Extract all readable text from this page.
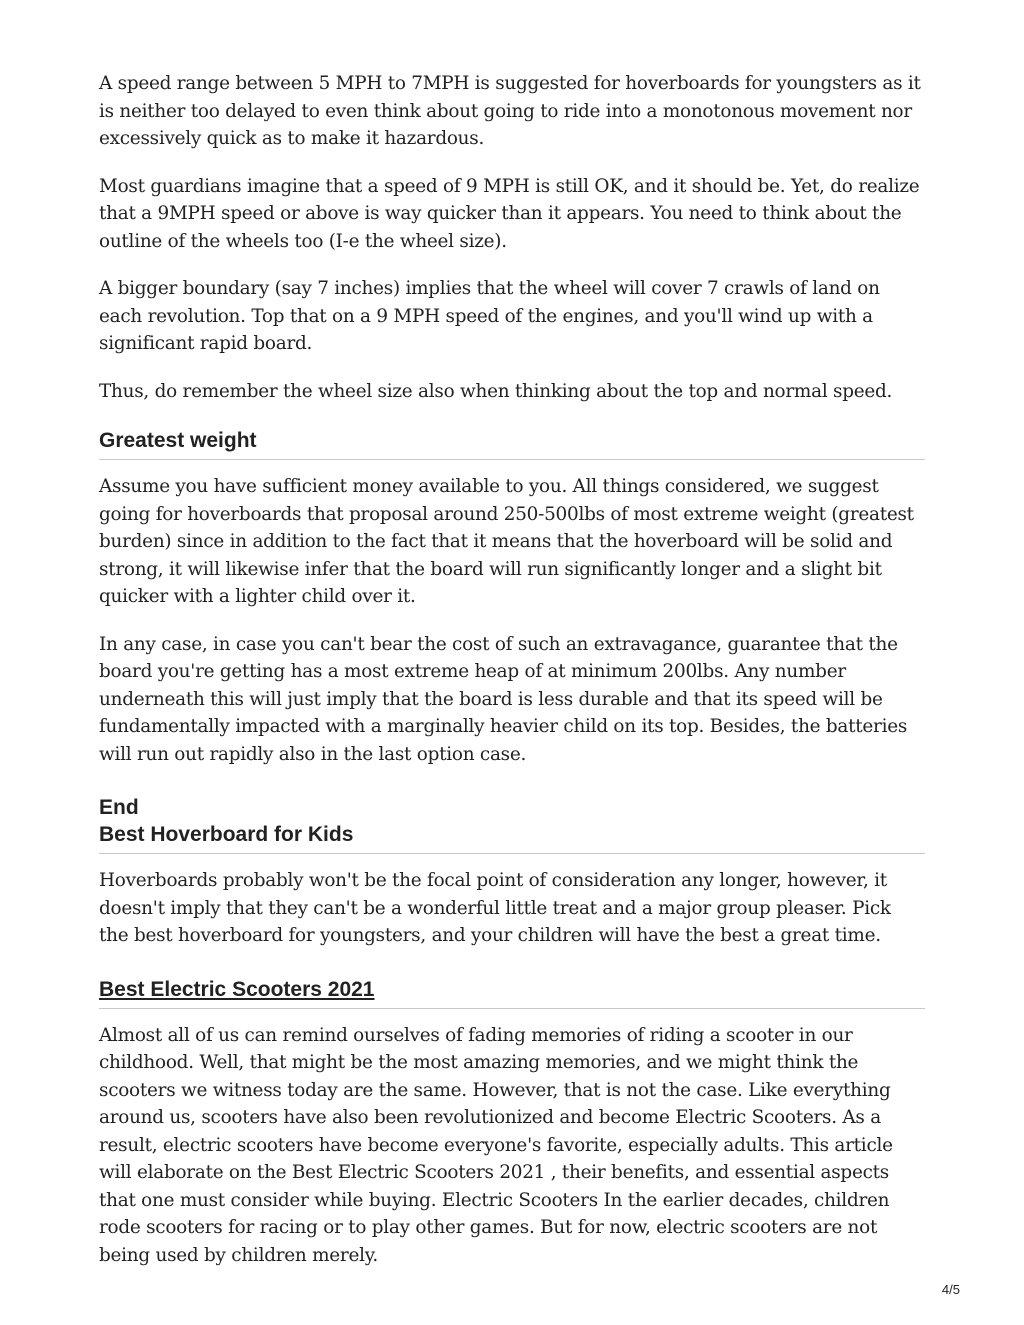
A speed range between 5 MPH to 7MPH is suggested for hoverboards for youngsters as it is neither too delayed to even think about going to ride into a monotonous movement nor excessively quick as to make it hazardous.

Most guardians imagine that a speed of 9 MPH is still OK, and it should be. Yet, do realize that a 9MPH speed or above is way quicker than it appears. You need to think about the outline of the wheels too (I-e the wheel size).

A bigger boundary (say 7 inches) implies that the wheel will cover 7 crawls of land on each revolution. Top that on a 9 MPH speed of the engines, and you'll wind up with a significant rapid board.

Thus, do remember the wheel size also when thinking about the top and normal speed.

Greatest weight

Assume you have sufficient money available to you. All things considered, we suggest going for hoverboards that proposal around 250-500lbs of most extreme weight (greatest burden) since in addition to the fact that it means that the hoverboard will be solid and strong, it will likewise infer that the board will run significantly longer and a slight bit quicker with a lighter child over it.

In any case, in case you can't bear the cost of such an extravagance, guarantee that the board you're getting has a most extreme heap of at minimum 200lbs. Any number underneath this will just imply that the board is less durable and that its speed will be fundamentally impacted with a marginally heavier child on its top. Besides, the batteries will run out rapidly also in the last option case.

End
Best Hoverboard for Kids

Hoverboards probably won't be the focal point of consideration any longer, however, it doesn't imply that they can't be a wonderful little treat and a major group pleaser. Pick the best hoverboard for youngsters, and your children will have the best a great time.

Best Electric Scooters 2021

Almost all of us can remind ourselves of fading memories of riding a scooter in our childhood. Well, that might be the most amazing memories, and we might think the scooters we witness today are the same. However, that is not the case. Like everything around us, scooters have also been revolutionized and become Electric Scooters. As a result, electric scooters have become everyone's favorite, especially adults. This article will elaborate on the Best Electric Scooters 2021 , their benefits, and essential aspects that one must consider while buying. Electric Scooters In the earlier decades, children rode scooters for racing or to play other games. But for now, electric scooters are not being used by children merely.

4/5
